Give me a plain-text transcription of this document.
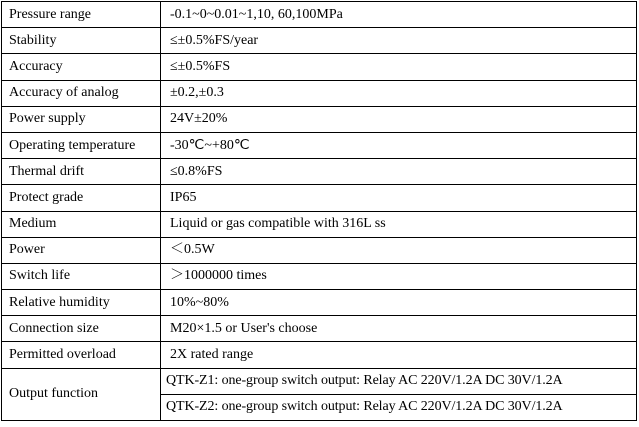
Pressure range	-0.1~0~0.01~1,10, 60,100MPa
Stability	≤±0.5%FS/year
Accuracy	≤±0.5%FS
Accuracy of analog	±0.2,±0.3
Power supply	24V±20%
Operating temperature	-30℃~+80℃
Thermal drift	≤0.8%FS
Protect grade	IP65
Medium	Liquid or gas compatible with 316L ss
Power	＜0.5W
Switch life	＞1000000 times
Relative humidity	10%~80%
Connection size	M20×1.5 or User's choose
Permitted overload	2X rated range
Output function	QTK-Z1: one-group switch output: Relay AC 220V/1.2A DC 30V/1.2A
	QTK-Z2: one-group switch output: Relay AC 220V/1.2A DC 30V/1.2A
